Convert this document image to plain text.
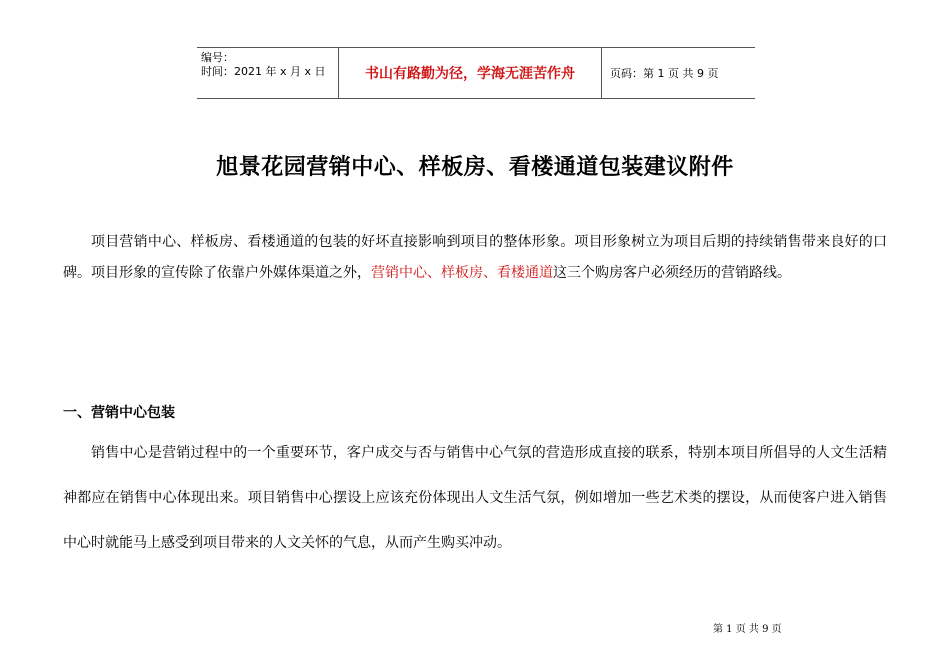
编号：
时间：2021 年 x 月 x 日	书山有路勤为径，学海无涯苦作舟	页码：第 1 页 共 9 页
旭景花园营销中心、样板房、看楼通道包装建议附件
项目营销中心、样板房、看楼通道的包装的好坏直接影响到项目的整体形象。项目形象树立为项目后期的持续销售带来良好的口碑。项目形象的宣传除了依靠户外媒体渠道之外，营销中心、样板房、看楼通道这三个购房客户必须经历的营销路线。
一、营销中心包装
销售中心是营销过程中的一个重要环节，客户成交与否与销售中心气氛的营造形成直接的联系，特别本项目所倡导的人文生活精神都应在销售中心体现出来。项目销售中心摆设上应该充份体现出人文生活气氛，例如增加一些艺术类的摆设，从而使客户进入销售中心时就能马上感受到项目带来的人文关怀的气息，从而产生购买冲动。
第 1 页 共 9 页
